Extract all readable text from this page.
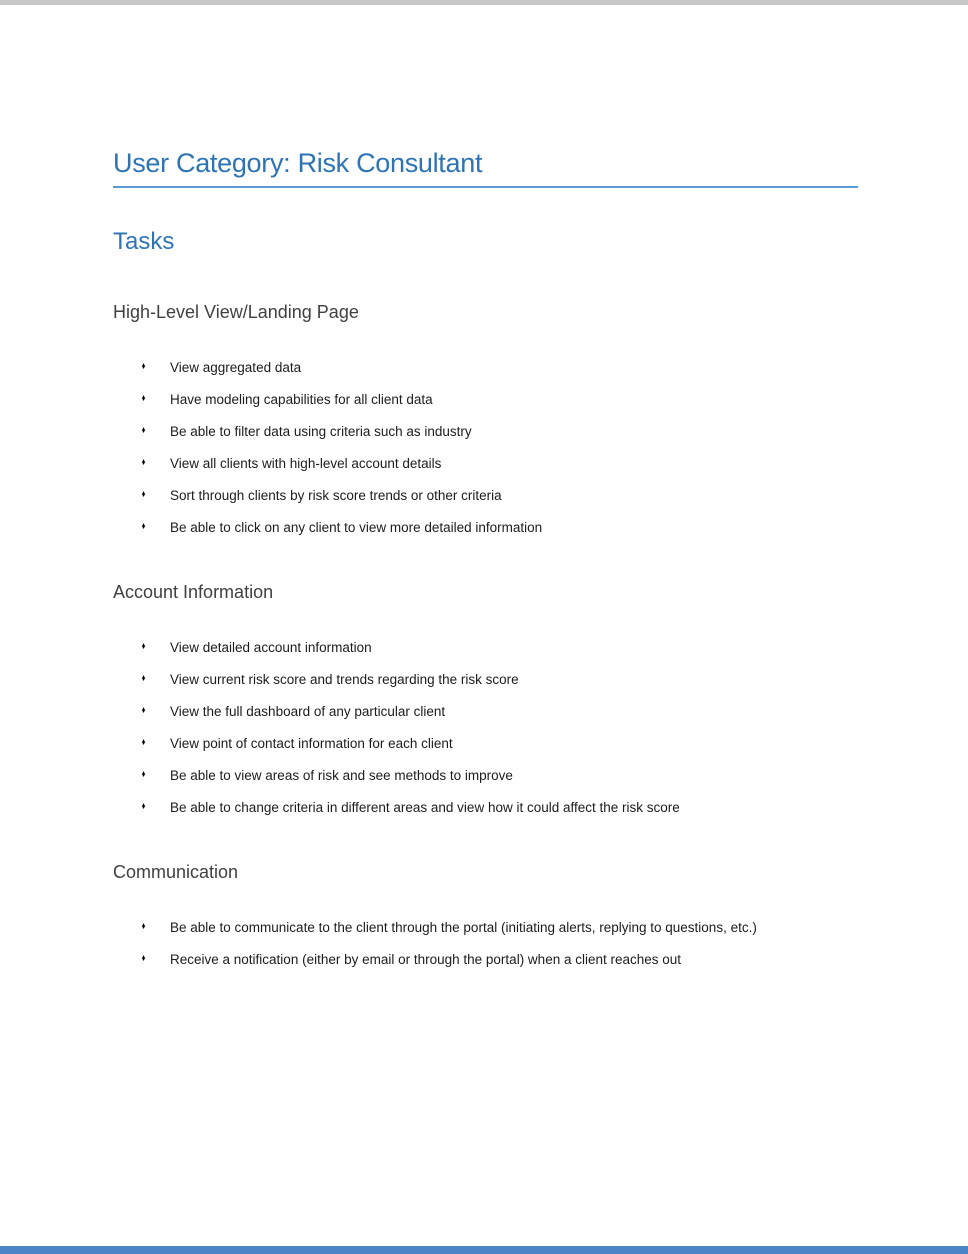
User Category: Risk Consultant
Tasks
High-Level View/Landing Page
♦ View aggregated data
♦ Have modeling capabilities for all client data
♦ Be able to filter data using criteria such as industry
♦ View all clients with high-level account details
♦ Sort through clients by risk score trends or other criteria
♦ Be able to click on any client to view more detailed information
Account Information
♦ View detailed account information
♦ View current risk score and trends regarding the risk score
♦ View the full dashboard of any particular client
♦ View point of contact information for each client
♦ Be able to view areas of risk and see methods to improve
♦ Be able to change criteria in different areas and view how it could affect the risk score
Communication
♦ Be able to communicate to the client through the portal (initiating alerts, replying to questions, etc.)
♦ Receive a notification (either by email or through the portal) when a client reaches out
